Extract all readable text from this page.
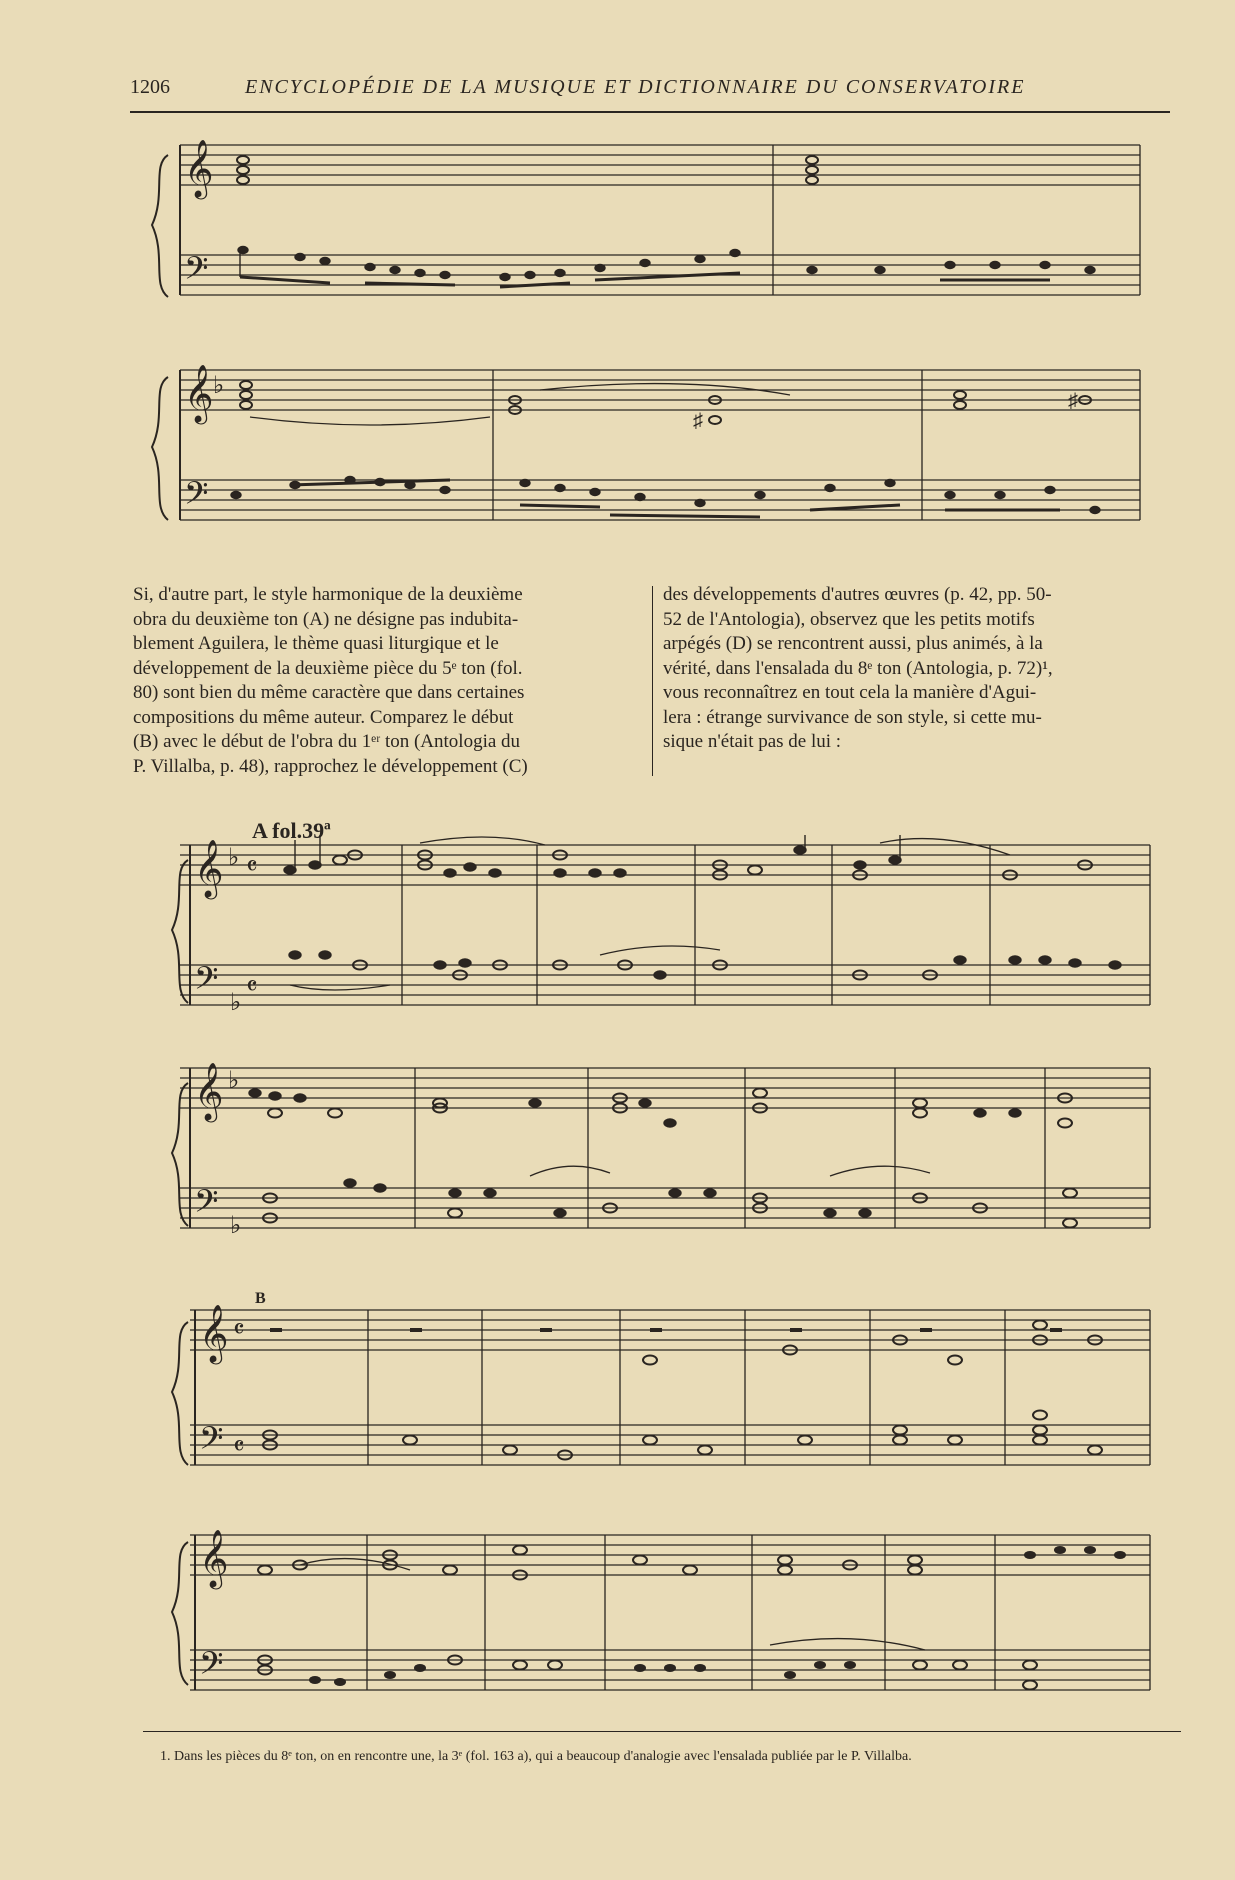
1206	ENCYCLOPÉDIE DE LA MUSIQUE ET DICTIONNAIRE DU CONSERVATOIRE
𝄞
𝄢
𝄞 ♭
𝄢
♯
♯
Si, d'autre part, le style harmonique de la deuxième
obra du deuxième ton (A) ne désigne pas indubita-
blement Aguilera, le thème quasi liturgique et le
développement de la deuxième pièce du 5ᵉ ton (fol.
80) sont bien du même caractère que dans certaines
compositions du même auteur. Comparez le début
(B) avec le début de l'obra du 1ᵉʳ ton (Antologia du
P. Villalba, p. 48), rapprochez le développement (C)
des développements d'autres œuvres (p. 42, pp. 50-
52 de l'Antologia), observez que les petits motifs
arpégés (D) se rencontrent aussi, plus animés, à la
vérité, dans l'ensalada du 8ᵉ ton (Antologia, p. 72)¹,
vous reconnaîtrez en tout cela la manière d'Agui-
lera : étrange survivance de son style, si cette mu-
sique n'était pas de lui :
A fol.39ª
𝄞 ♭ 𝄴
𝄢 ♭
𝄴
𝄞 ♭
𝄢 ♭
B
𝄞 𝄴
𝄢 𝄴
𝄞
𝄢
1. Dans les pièces du 8ᵉ ton, on en rencontre une, la 3ᵉ (fol. 163 a), qui a beaucoup d'analogie avec l'ensalada publiée par le P. Villalba.
